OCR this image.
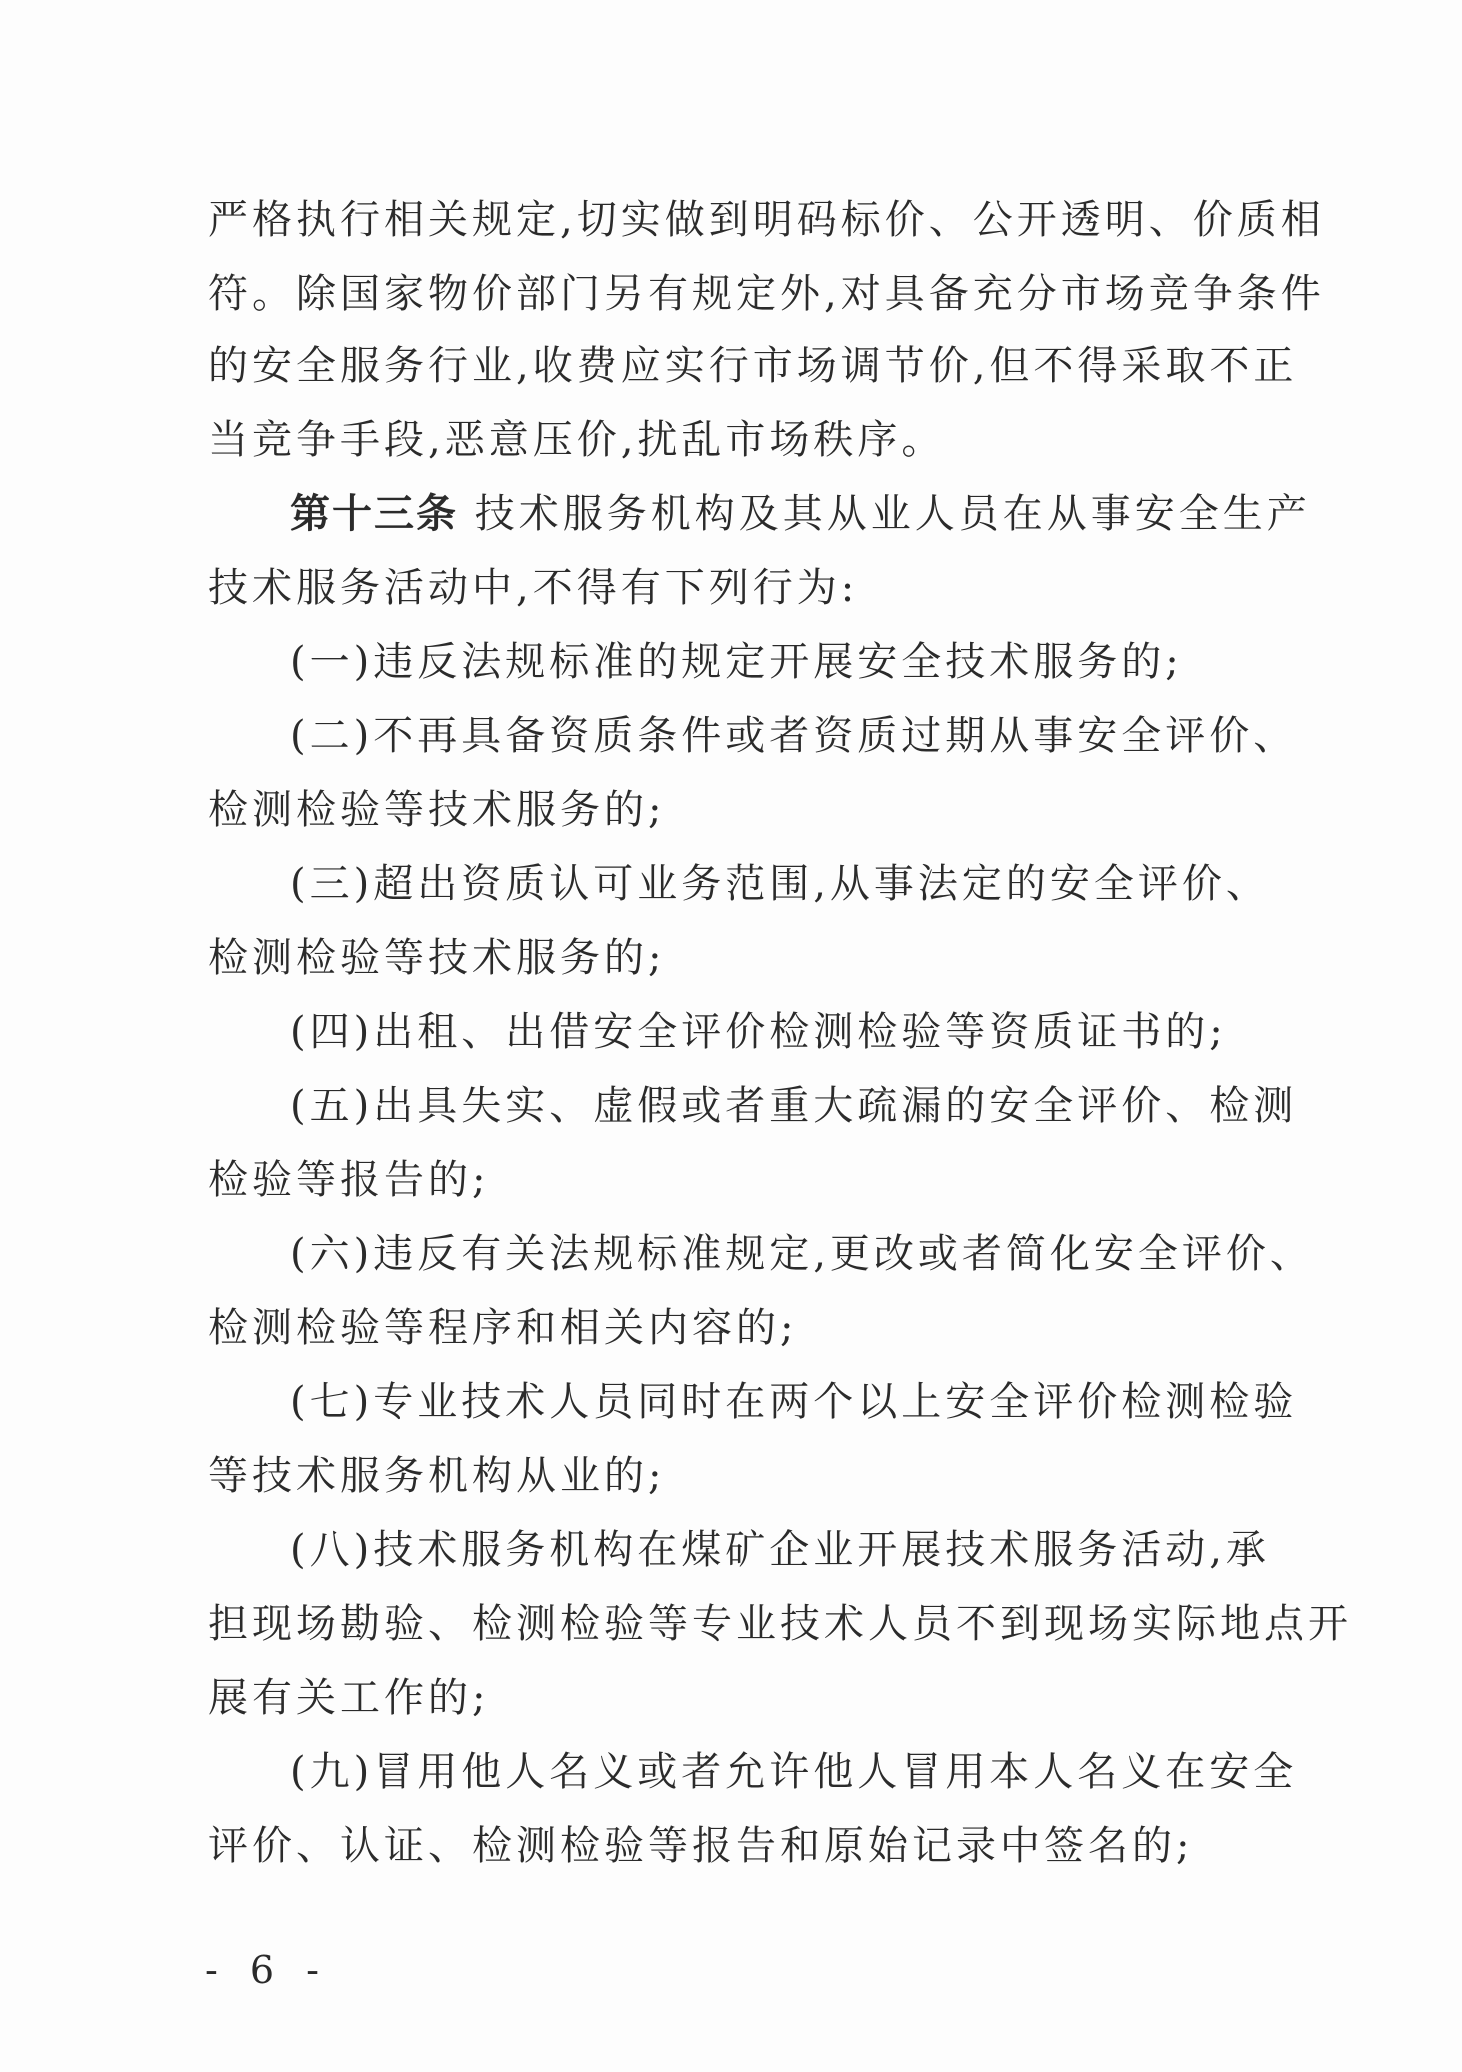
严格执行相关规定,切实做到明码标价、公开透明、价质相
符。除国家物价部门另有规定外,对具备充分市场竞争条件
的安全服务行业,收费应实行市场调节价,但不得采取不正
当竞争手段,恶意压价,扰乱市场秩序。
第十三条 技术服务机构及其从业人员在从事安全生产
技术服务活动中,不得有下列行为:
(一)违反法规标准的规定开展安全技术服务的;
(二)不再具备资质条件或者资质过期从事安全评价、
检测检验等技术服务的;
(三)超出资质认可业务范围,从事法定的安全评价、
检测检验等技术服务的;
(四)出租、出借安全评价检测检验等资质证书的;
(五)出具失实、虚假或者重大疏漏的安全评价、检测
检验等报告的;
(六)违反有关法规标准规定,更改或者简化安全评价、
检测检验等程序和相关内容的;
(七)专业技术人员同时在两个以上安全评价检测检验
等技术服务机构从业的;
(八)技术服务机构在煤矿企业开展技术服务活动,承
担现场勘验、检测检验等专业技术人员不到现场实际地点开
展有关工作的;
(九)冒用他人名义或者允许他人冒用本人名义在安全
评价、认证、检测检验等报告和原始记录中签名的;
- 6 -
